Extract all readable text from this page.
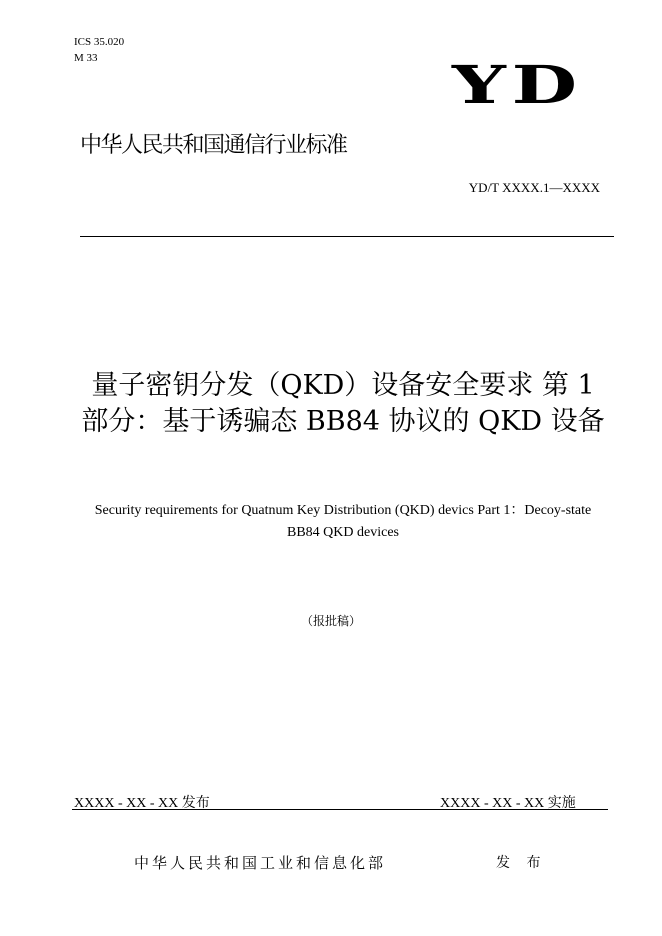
ICS 35.020
M 33	YD
中华人民共和国通信行业标准
YD/T XXXX.1—XXXX
量子密钥分发（QKD）设备安全要求 第 1 部分：基于诱骗态 BB84 协议的 QKD 设备
Security requirements for Quatnum Key Distribution (QKD) devics Part 1：Decoy-state BB84 QKD devices
（报批稿）
XXXX - XX - XX 发布	XXXX - XX - XX 实施
中华人民共和国工业和信息化部	发 布
